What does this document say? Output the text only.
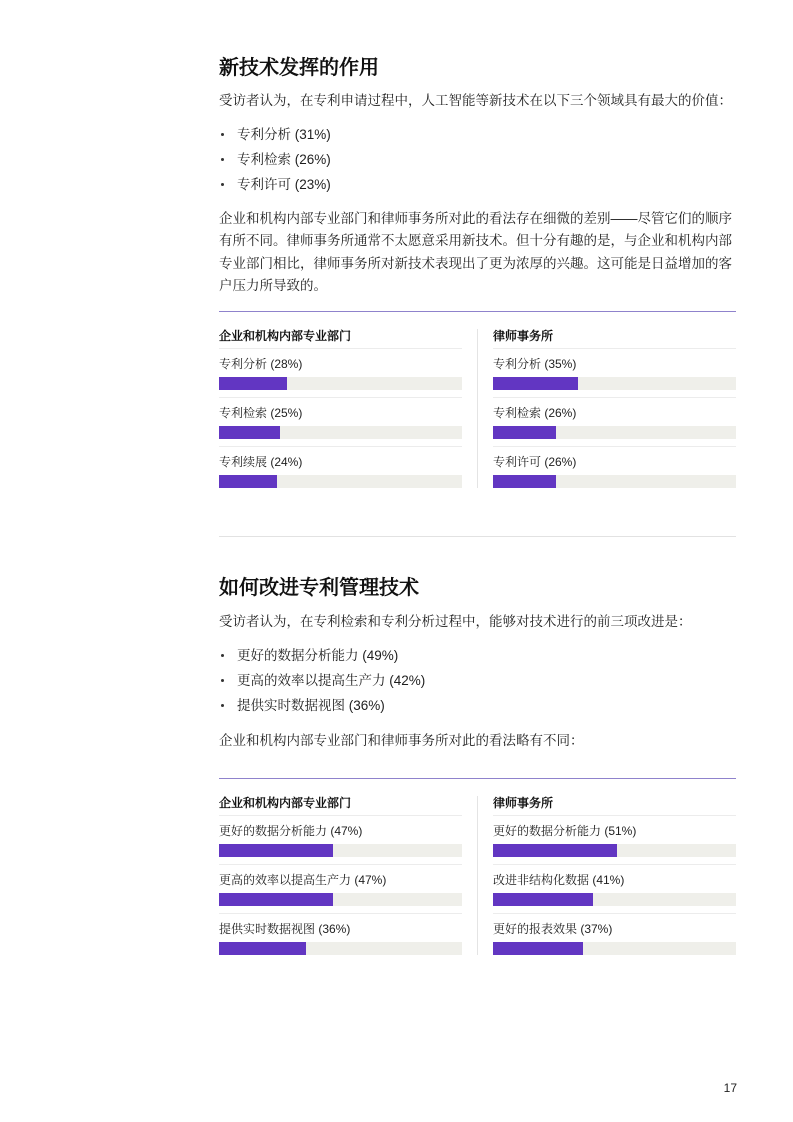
新技术发挥的作用

受访者认为，在专利申请过程中，人工智能等新技术在以下三个领域具有最大的价值：

专利分析 (31%)
专利检索 (26%)
专利许可 (23%)

企业和机构内部专业部门和律师事务所对此的看法存在细微的差别——尽管它们的顺序有所不同。律师事务所通常不太愿意采用新技术。但十分有趣的是，与企业和机构内部专业部门相比，律师事务所对新技术表现出了更为浓厚的兴趣。这可能是日益增加的客户压力所导致的。

企业和机构内部专业部门
专利分析 (28%)
专利检索 (25%)
专利续展 (24%)
律师事务所
专利分析 (35%)
专利检索 (26%)
专利许可 (26%)
如何改进专利管理技术

受访者认为，在专利检索和专利分析过程中，能够对技术进行的前三项改进是：

更好的数据分析能力 (49%)
更高的效率以提高生产力 (42%)
提供实时数据视图 (36%)

企业和机构内部专业部门和律师事务所对此的看法略有不同：

企业和机构内部专业部门
更好的数据分析能力 (47%)
更高的效率以提高生产力 (47%)
提供实时数据视图 (36%)
律师事务所
更好的数据分析能力 (51%)
改进非结构化数据 (41%)
更好的报表效果 (37%)
17
